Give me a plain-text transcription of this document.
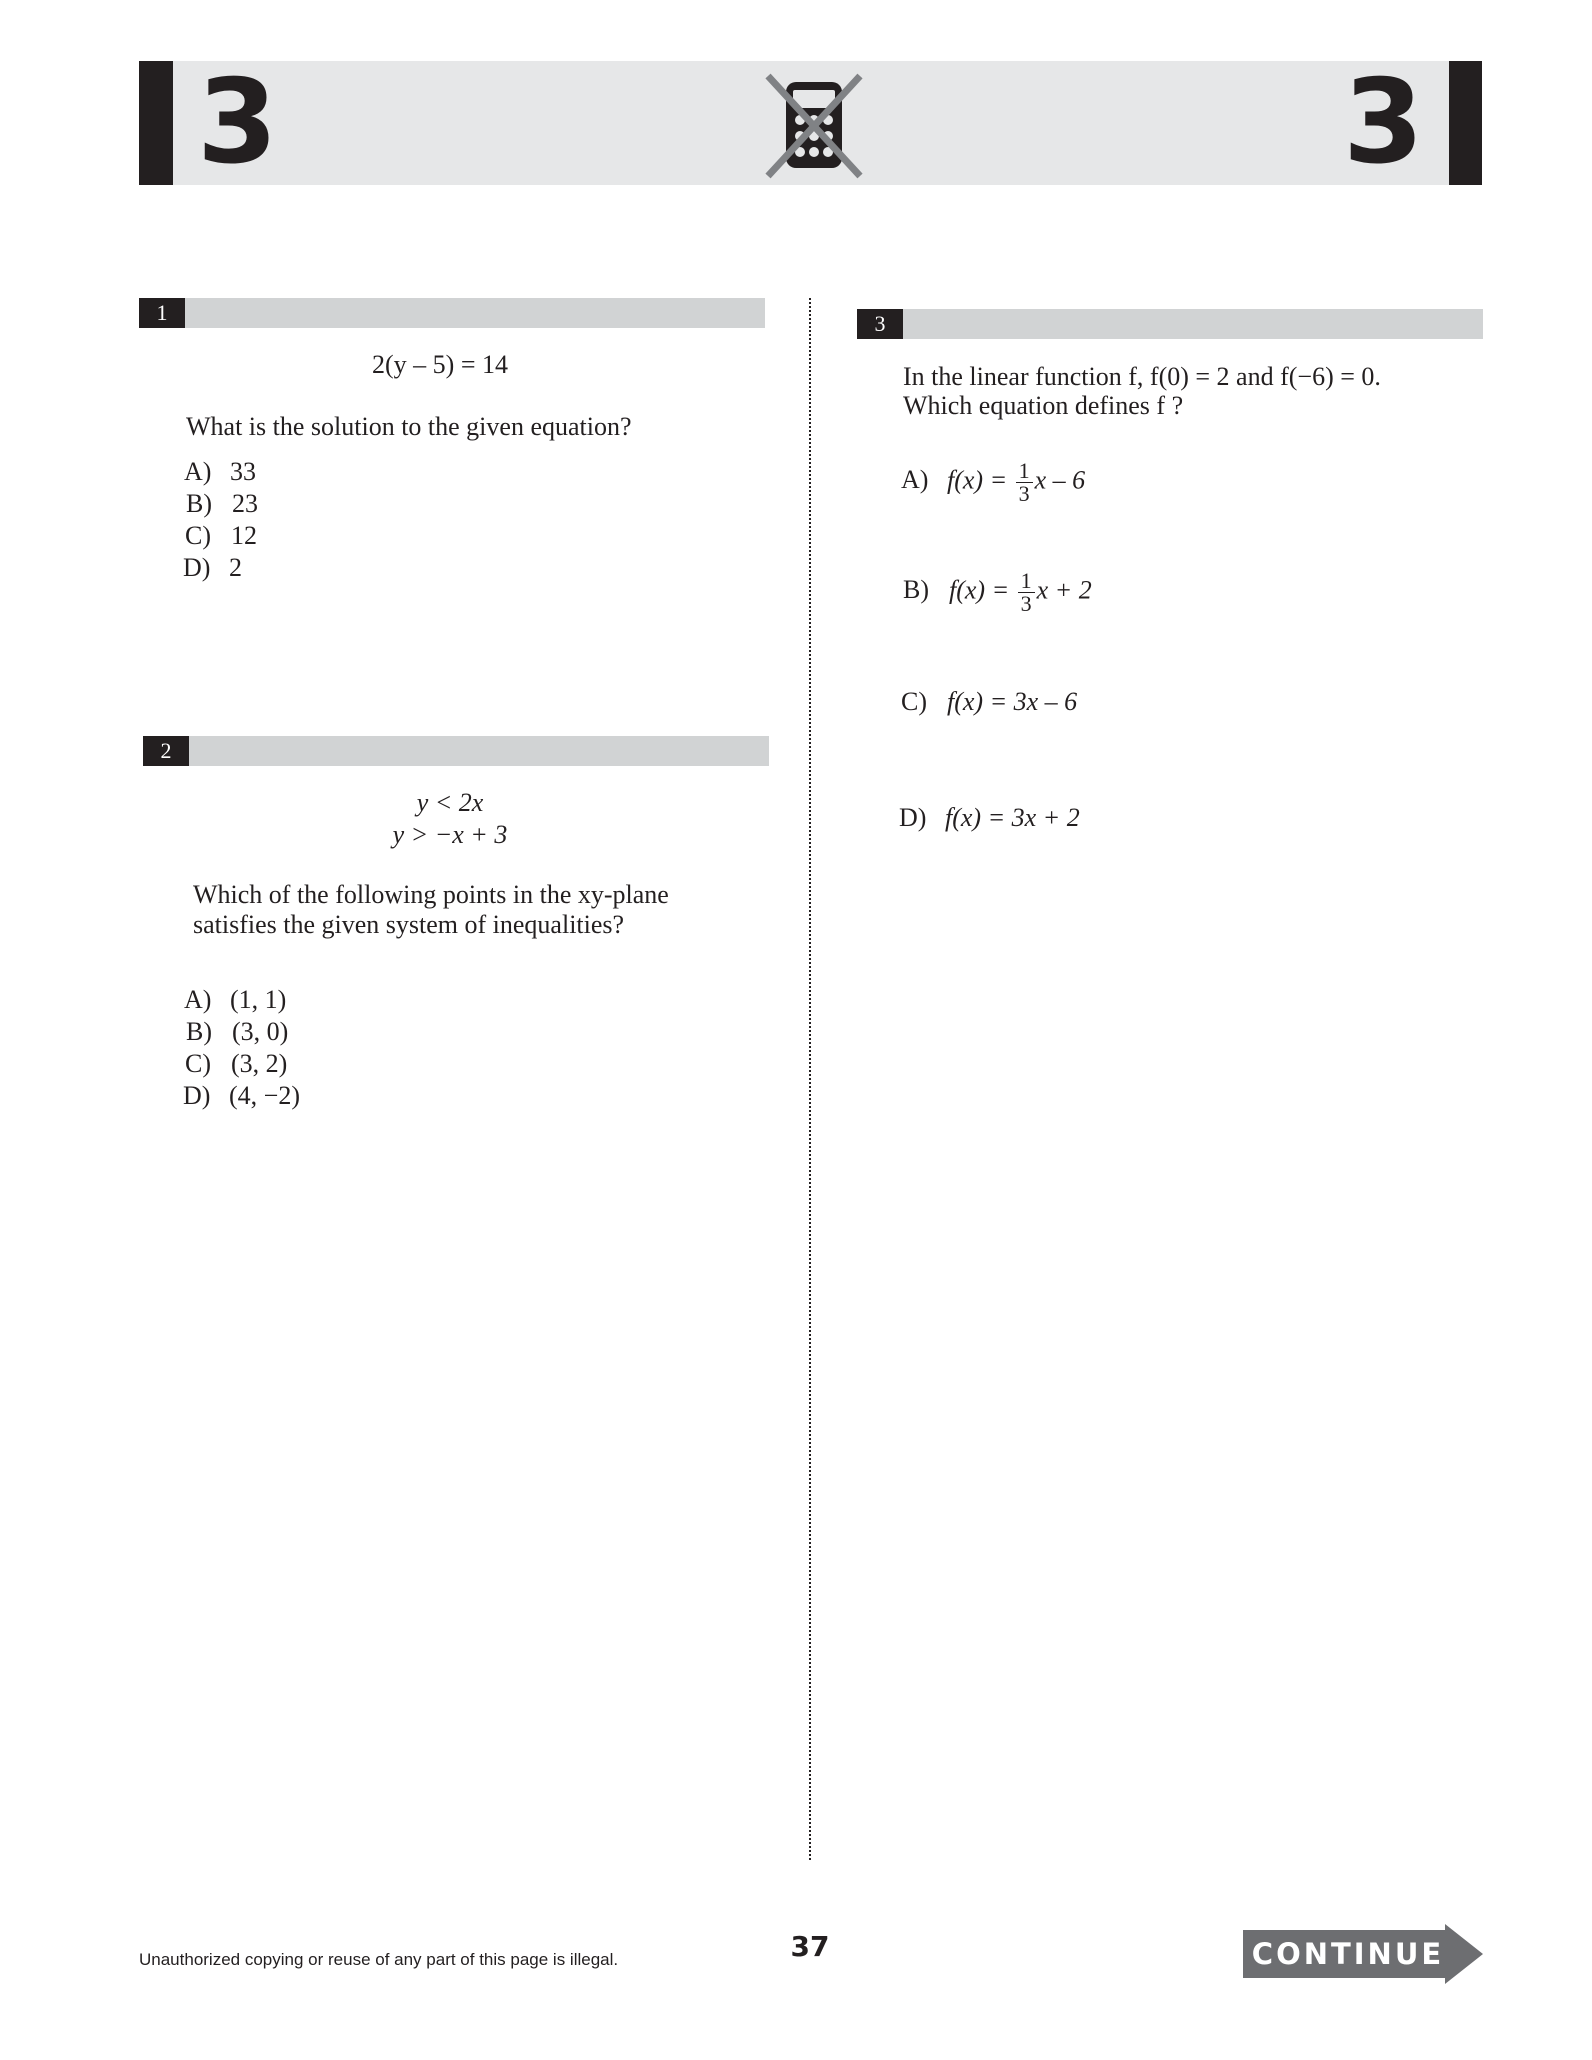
3	3
1
2(y – 5) = 14
What is the solution to the given equation?
A) 33
B) 23
C) 12
D) 2
2
y < 2x
y > −x + 3
Which of the following points in the xy-plane
satisfies the given system of inequalities?
A) (1, 1)
B) (3, 0)
C) (3, 2)
D) (4, −2)
3
In the linear function f, f(0) = 2 and f(−6) = 0.
Which equation defines f ?
A) $f(x) = \frac{1}{3}$ x – 6
B) $f(x) = \frac{1}{3}$ x + 2
C) f(x) = 3x – 6
D) f(x) = 3x + 2
Unauthorized copying or reuse of any part of this page is illegal.	37	CONTINUE
